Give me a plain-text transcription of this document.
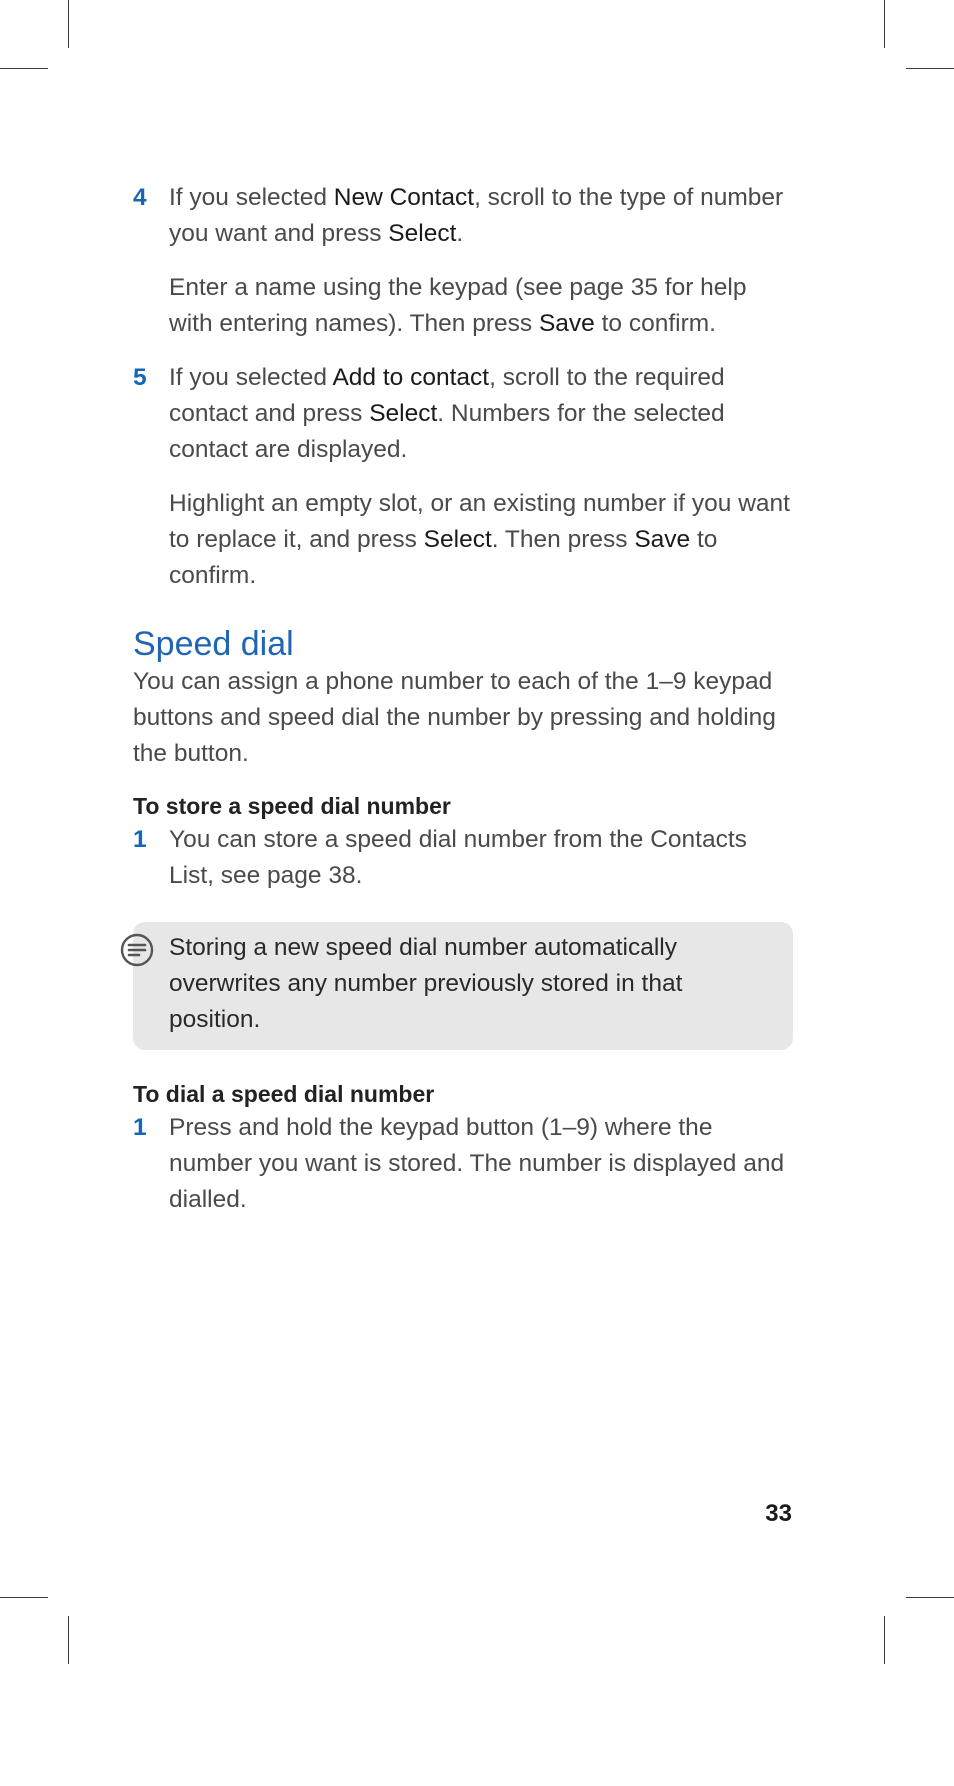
4 If you selected New Contact, scroll to the type of number you want and press Select.

Enter a name using the keypad (see page 35 for help with entering names). Then press Save to confirm.

5 If you selected Add to contact, scroll to the required contact and press Select. Numbers for the selected contact are displayed.

Highlight an empty slot, or an existing number if you want to replace it, and press Select. Then press Save to confirm.

Speed dial

You can assign a phone number to each of the 1–9 keypad buttons and speed dial the number by pressing and holding the button.

To store a speed dial number
1 You can store a speed dial number from the Contacts List, see page 38.

Storing a new speed dial number automatically overwrites any number previously stored in that position.

To dial a speed dial number
1 Press and hold the keypad button (1–9) where the number you want is stored. The number is displayed and dialled.

33
